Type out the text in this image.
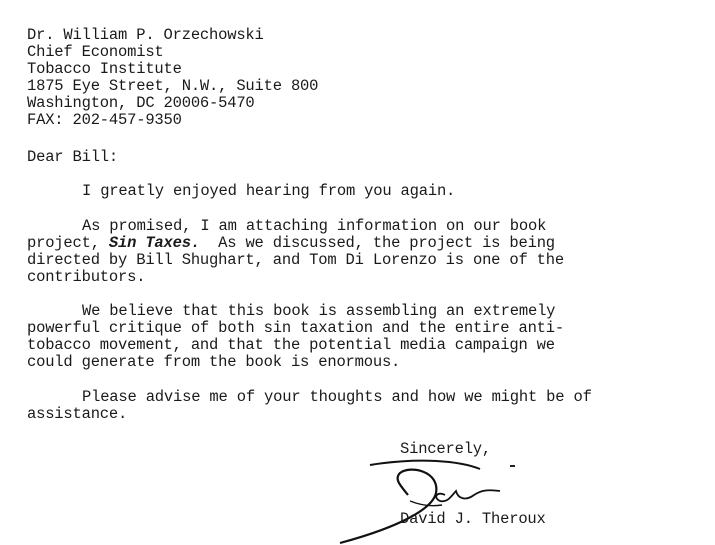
Dr. William P. Orzechowski
Chief Economist
Tobacco Institute
1875 Eye Street, N.W., Suite 800
Washington, DC 20006-5470
FAX: 202-457-9350
Dear Bill:
I greatly enjoyed hearing from you again.
As promised, I am attaching information on our book
project, Sin Taxes.  As we discussed, the project is being
directed by Bill Shughart, and Tom Di Lorenzo is one of the
contributors.
We believe that this book is assembling an extremely
powerful critique of both sin taxation and the entire anti-
tobacco movement, and that the potential media campaign we
could generate from the book is enormous.
Please advise me of your thoughts and how we might be of
assistance.
Sincerely,
David J. Theroux
